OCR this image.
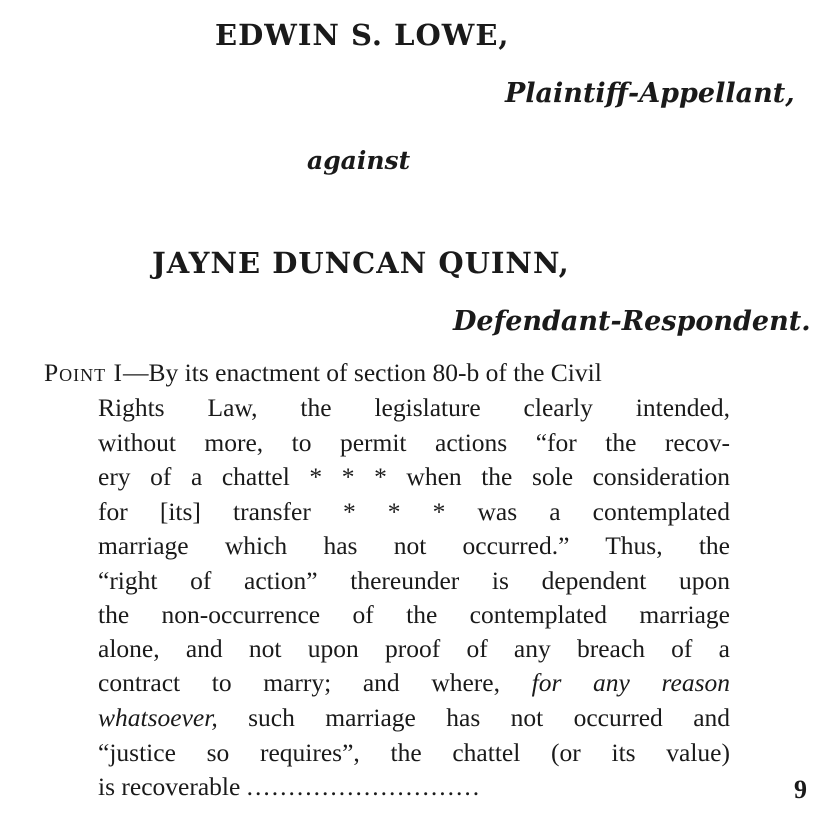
EDWIN S. LOWE,
Plaintiff-Appellant,
against
JAYNE DUNCAN QUINN,
Defendant-Respondent.
Point I—By its enactment of section 80-b of the Civil
Rights Law, the legislature clearly intended,
without more, to permit actions “for the recov-
ery of a chattel * * * when the sole consideration
for [its] transfer * * * was a contemplated
marriage which has not occurred.” Thus, the
“right of action” thereunder is dependent upon
the non-occurrence of the contemplated marriage
alone, and not upon proof of any breach of a
contract to marry; and where, for any reason
whatsoever, such marriage has not occurred and
“justice so requires”, the chattel (or its value)
is recoverable ............................	9
